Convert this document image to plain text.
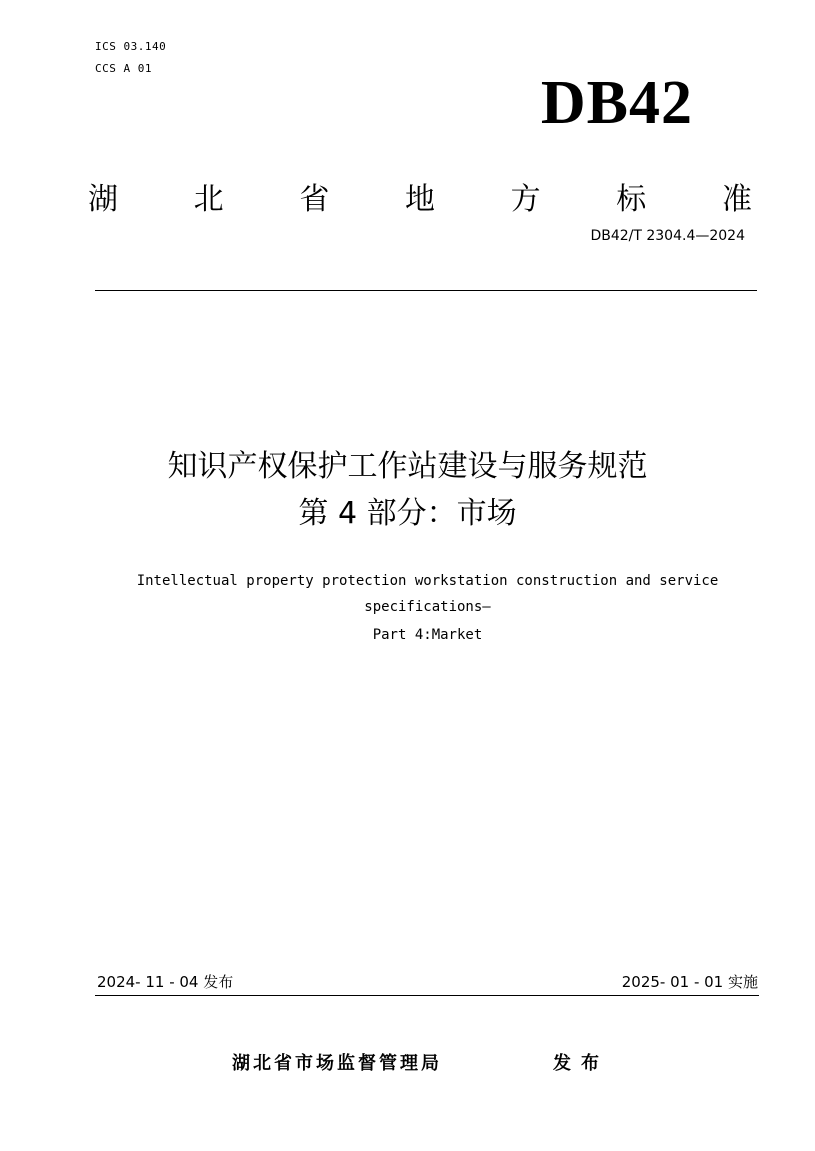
ICS 03.140
CCS A 01
DB42
湖	北	省	地	方	标	准
DB42/T 2304.4—2024
知识产权保护工作站建设与服务规范
第 4 部分：市场
Intellectual property protection workstation construction and service
specifications—
Part 4:Market
2024- 11 - 04 发布	2025- 01 - 01 实施
湖北省市场监督管理局	发布
